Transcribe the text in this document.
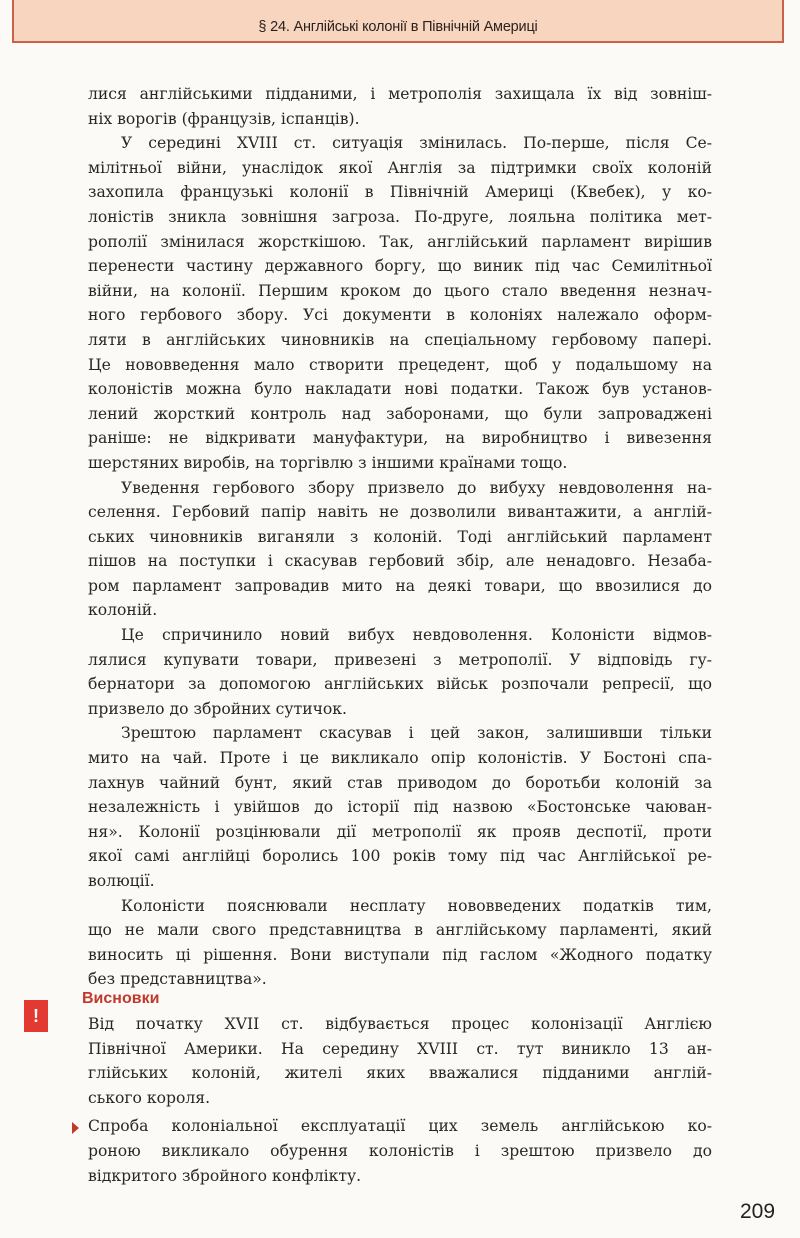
§ 24. Англійські колонії в Північній Америці
лися англійськими підданими, і метрополія захищала їх від зовніш-
ніх ворогів (французів, іспанців).
У середині XVIII ст. ситуація змінилась. По-перше, після Се-
мілітньої війни, унаслідок якої Англія за підтримки своїх колоній
захопила французькі колонії в Північній Америці (Квебек), у ко-
лоністів зникла зовнішня загроза. По-друге, лояльна політика мет-
рополії змінилася жорсткішою. Так, англійський парламент вирішив
перенести частину державного боргу, що виник під час Семилітньої
війни, на колонії. Першим кроком до цього стало введення незнач-
ного гербового збору. Усі документи в колоніях належало оформ-
ляти в англійських чиновників на спеціальному гербовому папері.
Це нововведення мало створити прецедент, щоб у подальшому на
колоністів можна було накладати нові податки. Також був установ-
лений жорсткий контроль над заборонами, що були запроваджені
раніше: не відкривати мануфактури, на виробництво і вивезення
шерстяних виробів, на торгівлю з іншими країнами тощо.
Уведення гербового збору призвело до вибуху невдоволення на-
селення. Гербовий папір навіть не дозволили вивантажити, а англій-
ських чиновників виганяли з колоній. Тоді англійський парламент
пішов на поступки і скасував гербовий збір, але ненадовго. Незаба-
ром парламент запровадив мито на деякі товари, що ввозилися до
колоній.
Це спричинило новий вибух невдоволення. Колоністи відмов-
лялися купувати товари, привезені з метрополії. У відповідь гу-
бернатори за допомогою англійських військ розпочали репресії, що
призвело до збройних сутичок.
Зрештою парламент скасував і цей закон, залишивши тільки
мито на чай. Проте і це викликало опір колоністів. У Бостоні спа-
лахнув чайний бунт, який став приводом до боротьби колоній за
незалежність і увійшов до історії під назвою «Бостонське чаюван-
ня». Колонії розцінювали дії метрополії як прояв деспотії, проти
якої самі англійці боролись 100 років тому під час Англійської ре-
волюції.
Колоністи пояснювали несплату нововведених податків тим,
що не мали свого представництва в англійському парламенті, який
виносить ці рішення. Вони виступали під гаслом «Жодного податку
без представництва».
!
Висновки
Від початку XVII ст. відбувається процес колонізації Англією
Північної Америки. На середину XVIII ст. тут виникло 13 ан-
глійських колоній, жителі яких вважалися підданими англій-
ського короля.
Спроба колоніальної експлуатації цих земель англійською ко-
роною викликало обурення колоністів і зрештою призвело до
відкритого збройного конфлікту.
209
